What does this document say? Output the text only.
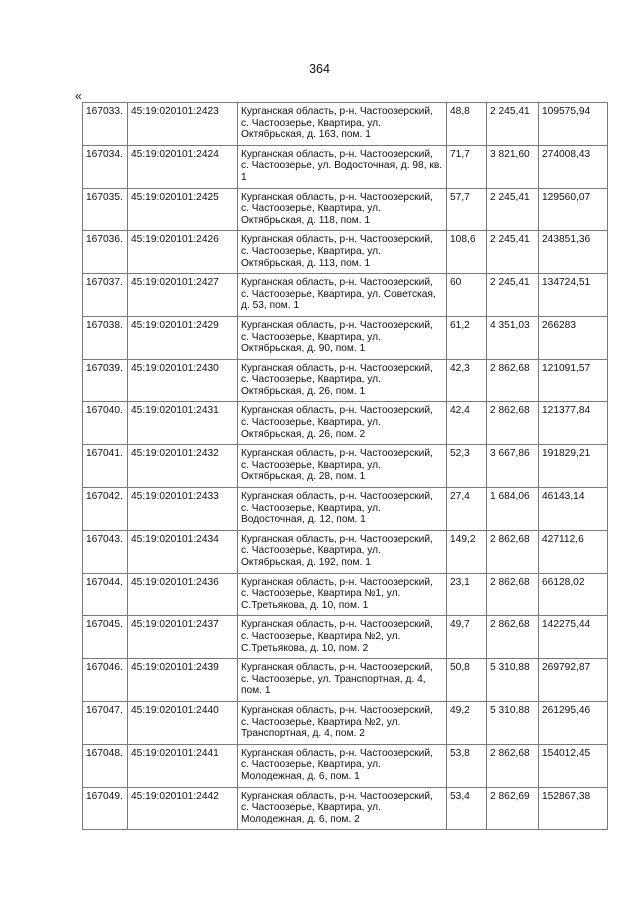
364
«
167033.	45:19:020101:2423	Курганская область, р-н. Частоозерский, с. Частоозерье, Квартира, ул. Октябрьская, д. 163, пом. 1	48,8	2 245,41	109575,94
167034.	45:19:020101:2424	Курганская область, р-н. Частоозерский, с. Частоозерье, ул. Водосточная, д. 98, кв. 1	71,7	3 821,60	274008,43
167035.	45:19:020101:2425	Курганская область, р-н. Частоозерский, с. Частоозерье, Квартира, ул. Октябрьская, д. 118, пом. 1	57,7	2 245,41	129560,07
167036.	45:19:020101:2426	Курганская область, р-н. Частоозерский, с. Частоозерье, Квартира, ул. Октябрьская, д. 113, пом. 1	108,6	2 245,41	243851,36
167037.	45:19:020101:2427	Курганская область, р-н. Частоозерский, с. Частоозерье, Квартира, ул. Советская, д. 53, пом. 1	60	2 245,41	134724,51
167038.	45:19:020101:2429	Курганская область, р-н. Частоозерский, с. Частоозерье, Квартира, ул. Октябрьская, д. 90, пом. 1	61,2	4 351,03	266283
167039.	45:19:020101:2430	Курганская область, р-н. Частоозерский, с. Частоозерье, Квартира, ул. Октябрьская, д. 26, пом. 1	42,3	2 862,68	121091,57
167040.	45:19:020101:2431	Курганская область, р-н. Частоозерский, с. Частоозерье, Квартира, ул. Октябрьская, д. 26, пом. 2	42,4	2 862,68	121377,84
167041.	45:19:020101:2432	Курганская область, р-н. Частоозерский, с. Частоозерье, Квартира, ул. Октябрьская, д. 28, пом. 1	52,3	3 667,86	191829,21
167042.	45:19:020101:2433	Курганская область, р-н. Частоозерский, с. Частоозерье, Квартира, ул. Водосточная, д. 12, пом. 1	27,4	1 684,06	46143,14
167043.	45:19:020101:2434	Курганская область, р-н. Частоозерский, с. Частоозерье, Квартира, ул. Октябрьская, д. 192, пом. 1	149,2	2 862,68	427112,6
167044.	45:19:020101:2436	Курганская область, р-н. Частоозерский, с. Частоозерье, Квартира №1, ул. С.Третьякова, д. 10, пом. 1	23,1	2 862,68	66128,02
167045.	45:19:020101:2437	Курганская область, р-н. Частоозерский, с. Частоозерье, Квартира №2, ул. С.Третьякова, д. 10, пом. 2	49,7	2 862,68	142275,44
167046.	45:19:020101:2439	Курганская область, р-н. Частоозерский, с. Частоозерье, ул. Транспортная, д. 4, пом. 1	50,8	5 310,88	269792,87
167047.	45:19:020101:2440	Курганская область, р-н. Частоозерский, с. Частоозерье, Квартира №2, ул. Транспортная, д. 4, пом. 2	49,2	5 310,88	261295,46
167048.	45:19:020101:2441	Курганская область, р-н. Частоозерский, с. Частоозерье, Квартира, ул. Молодежная, д. 6, пом. 1	53,8	2 862,68	154012,45
167049.	45:19:020101:2442	Курганская область, р-н. Частоозерский, с. Частоозерье, Квартира, ул. Молодежная, д. 6, пом. 2	53,4	2 862,69	152867,38
